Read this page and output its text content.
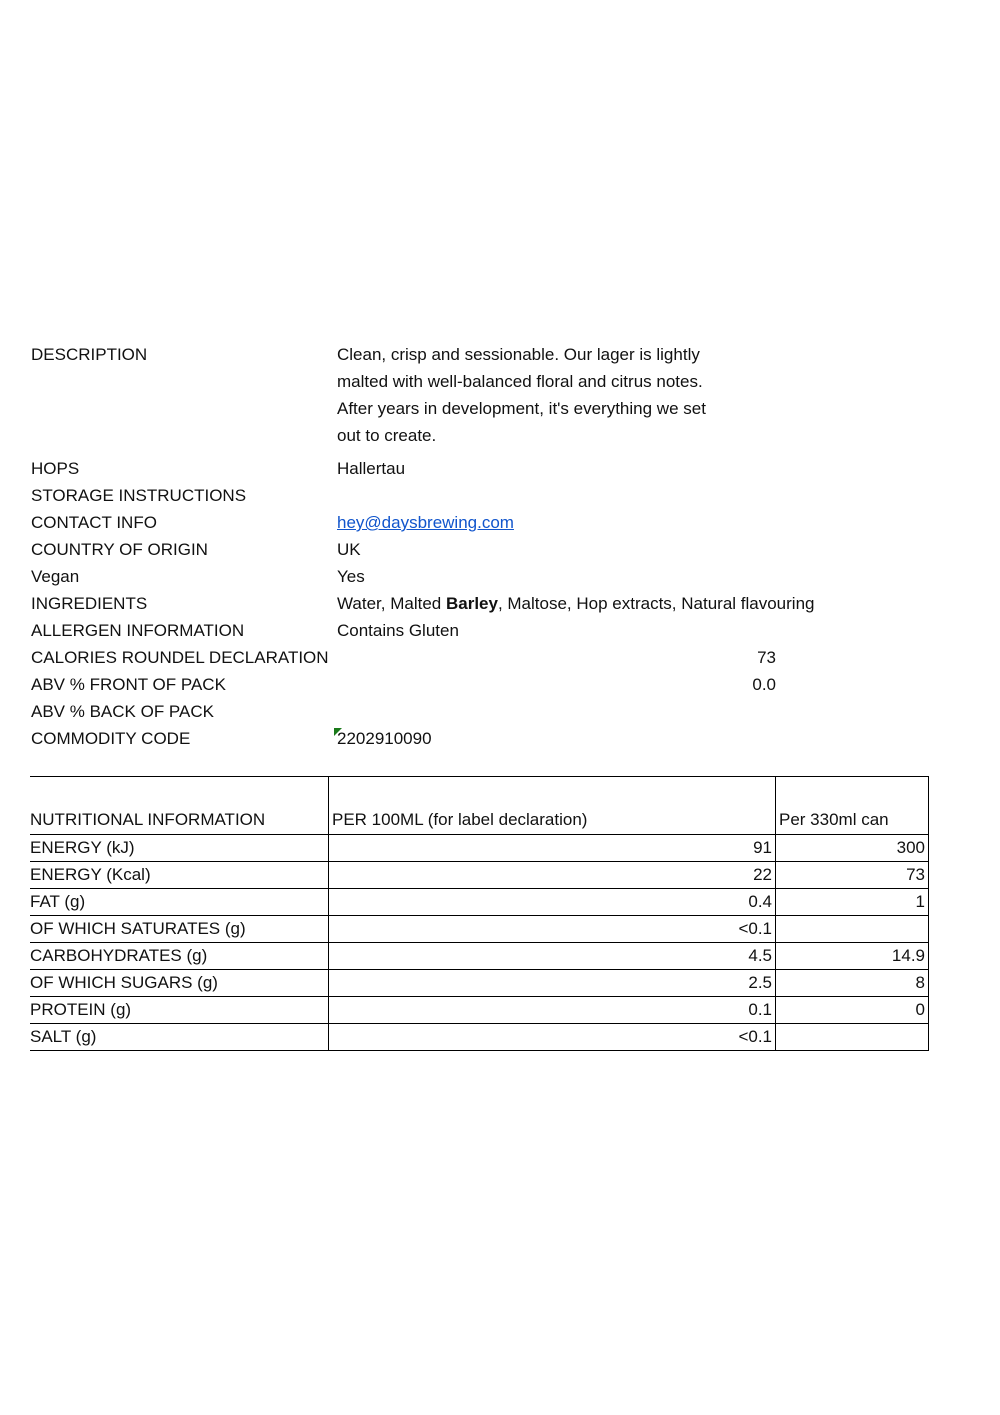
DESCRIPTION	Clean, crisp and sessionable. Our lager is lightly
malted with well-balanced floral and citrus notes.
After years in development, it's everything we set
out to create.
HOPS	Hallertau
STORAGE INSTRUCTIONS
CONTACT INFO	hey@daysbrewing.com
COUNTRY OF ORIGIN	UK
Vegan	Yes
INGREDIENTS	Water, Malted Barley, Maltose, Hop extracts, Natural flavouring
ALLERGEN INFORMATION	Contains Gluten
CALORIES ROUNDEL DECLARATION	73
ABV % FRONT OF PACK	0.0
ABV % BACK OF PACK
COMMODITY CODE	2202910090
NUTRITIONAL INFORMATION	PER 100ML (for label declaration)	Per 330ml can
ENERGY (kJ)	91	300
ENERGY (Kcal)	22	73
FAT (g)	0.4	1
OF WHICH SATURATES (g)	<0.1	
CARBOHYDRATES (g)	4.5	14.9
OF WHICH SUGARS (g)	2.5	8
PROTEIN (g)	0.1	0
SALT (g)	<0.1	
